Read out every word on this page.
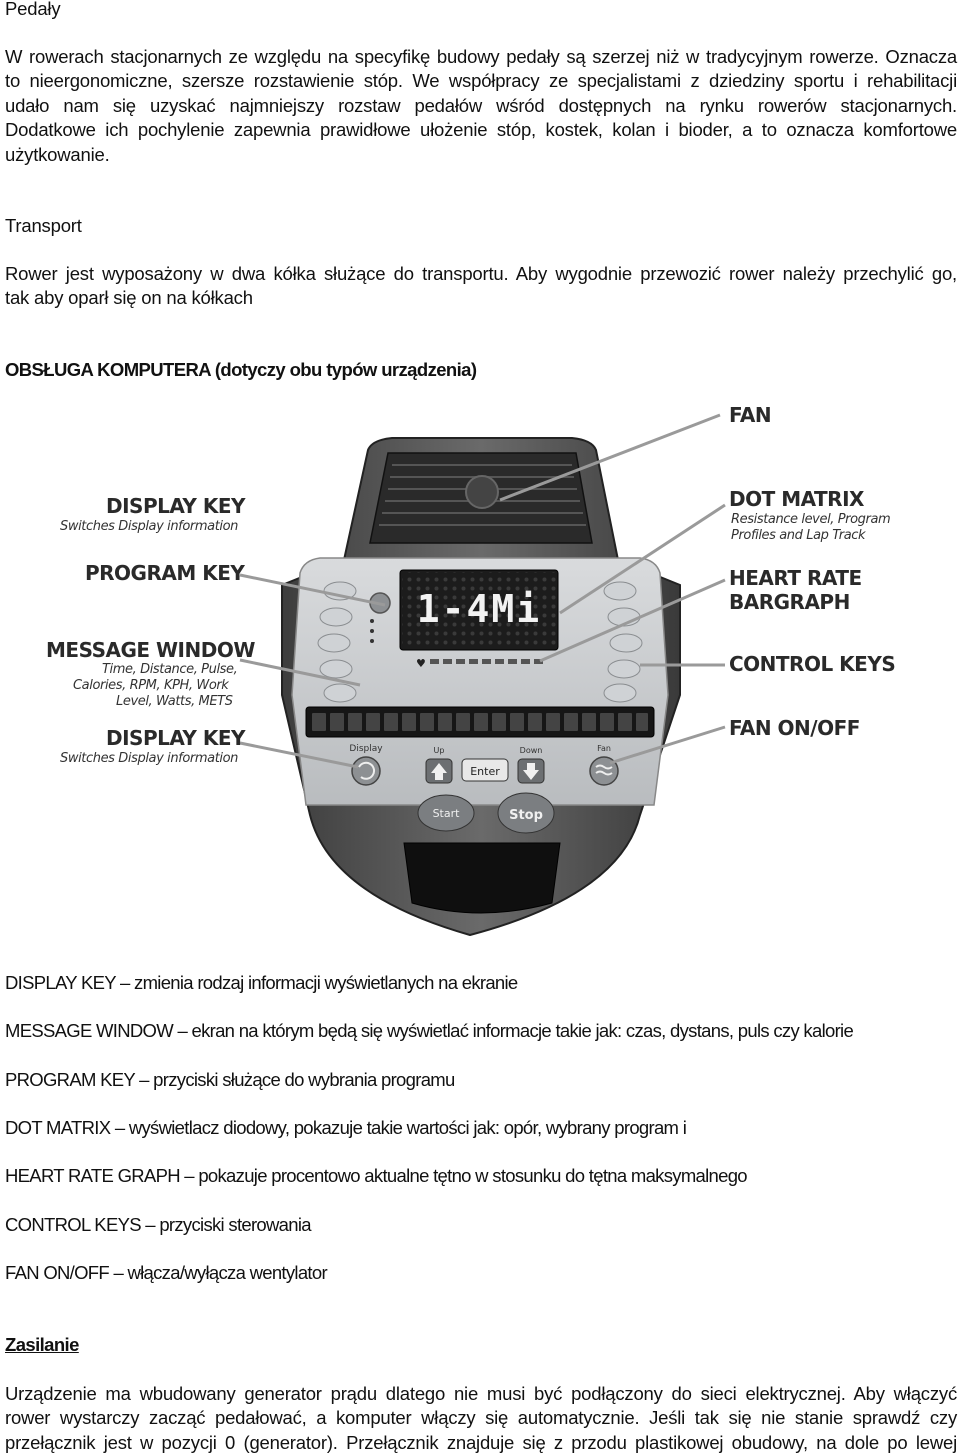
Pedały
W rowerach stacjonarnych ze względu na specyfikę budowy pedały są szerzej niż w tradycyjnym rowerze. Oznacza
to nieergonomiczne, szersze rozstawienie stóp. We współpracy ze specjalistami z dziedziny sportu i rehabilitacji
udało nam się uzyskać najmniejszy rozstaw pedałów wśród dostępnych na rynku rowerów stacjonarnych.
Dodatkowe ich pochylenie zapewnia prawidłowe ułożenie stóp, kostek, kolan i bioder, a to oznacza komfortowe
użytkowanie.
Transport
Rower jest wyposażony w dwa kółka służące do transportu. Aby wygodnie przewozić rower należy przechylić go,
tak aby oparł się on na kółkach
OBSŁUGA KOMPUTERA (dotyczy obu typów urządzenia)
1-4Mi
♥
Enter
Display	Up	Down	Fan
Start	Stop
FAN
DISPLAY KEY
Switches Display information
DOT MATRIX
Resistance level, Program
Profiles and Lap Track
PROGRAM KEY	HEART RATE
BARGRAPH
MESSAGE WINDOW
Time, Distance, Pulse,
Calories, RPM, KPH, Work
Level, Watts, METS
CONTROL KEYS
FAN ON/OFF
DISPLAY KEY
Switches Display information
DISPLAY KEY – zmienia rodzaj informacji wyświetlanych na ekranie
MESSAGE WINDOW – ekran na którym będą się wyświetlać informacje takie jak: czas, dystans, puls czy kalorie
PROGRAM KEY – przyciski służące do wybrania programu
DOT MATRIX – wyświetlacz diodowy, pokazuje takie wartości jak: opór, wybrany program i
HEART RATE GRAPH – pokazuje procentowo aktualne tętno w stosunku do tętna maksymalnego
CONTROL KEYS – przyciski sterowania
FAN ON/OFF – włącza/wyłącza wentylator
Zasilanie
Urządzenie ma wbudowany generator prądu dlatego nie musi być podłączony do sieci elektrycznej. Aby włączyć
rower wystarczy zacząć pedałować, a komputer włączy się automatycznie. Jeśli tak się nie stanie sprawdź czy
przełącznik jest w pozycji 0 (generator). Przełącznik znajduje się z przodu plastikowej obudowy, na dole po lewej
